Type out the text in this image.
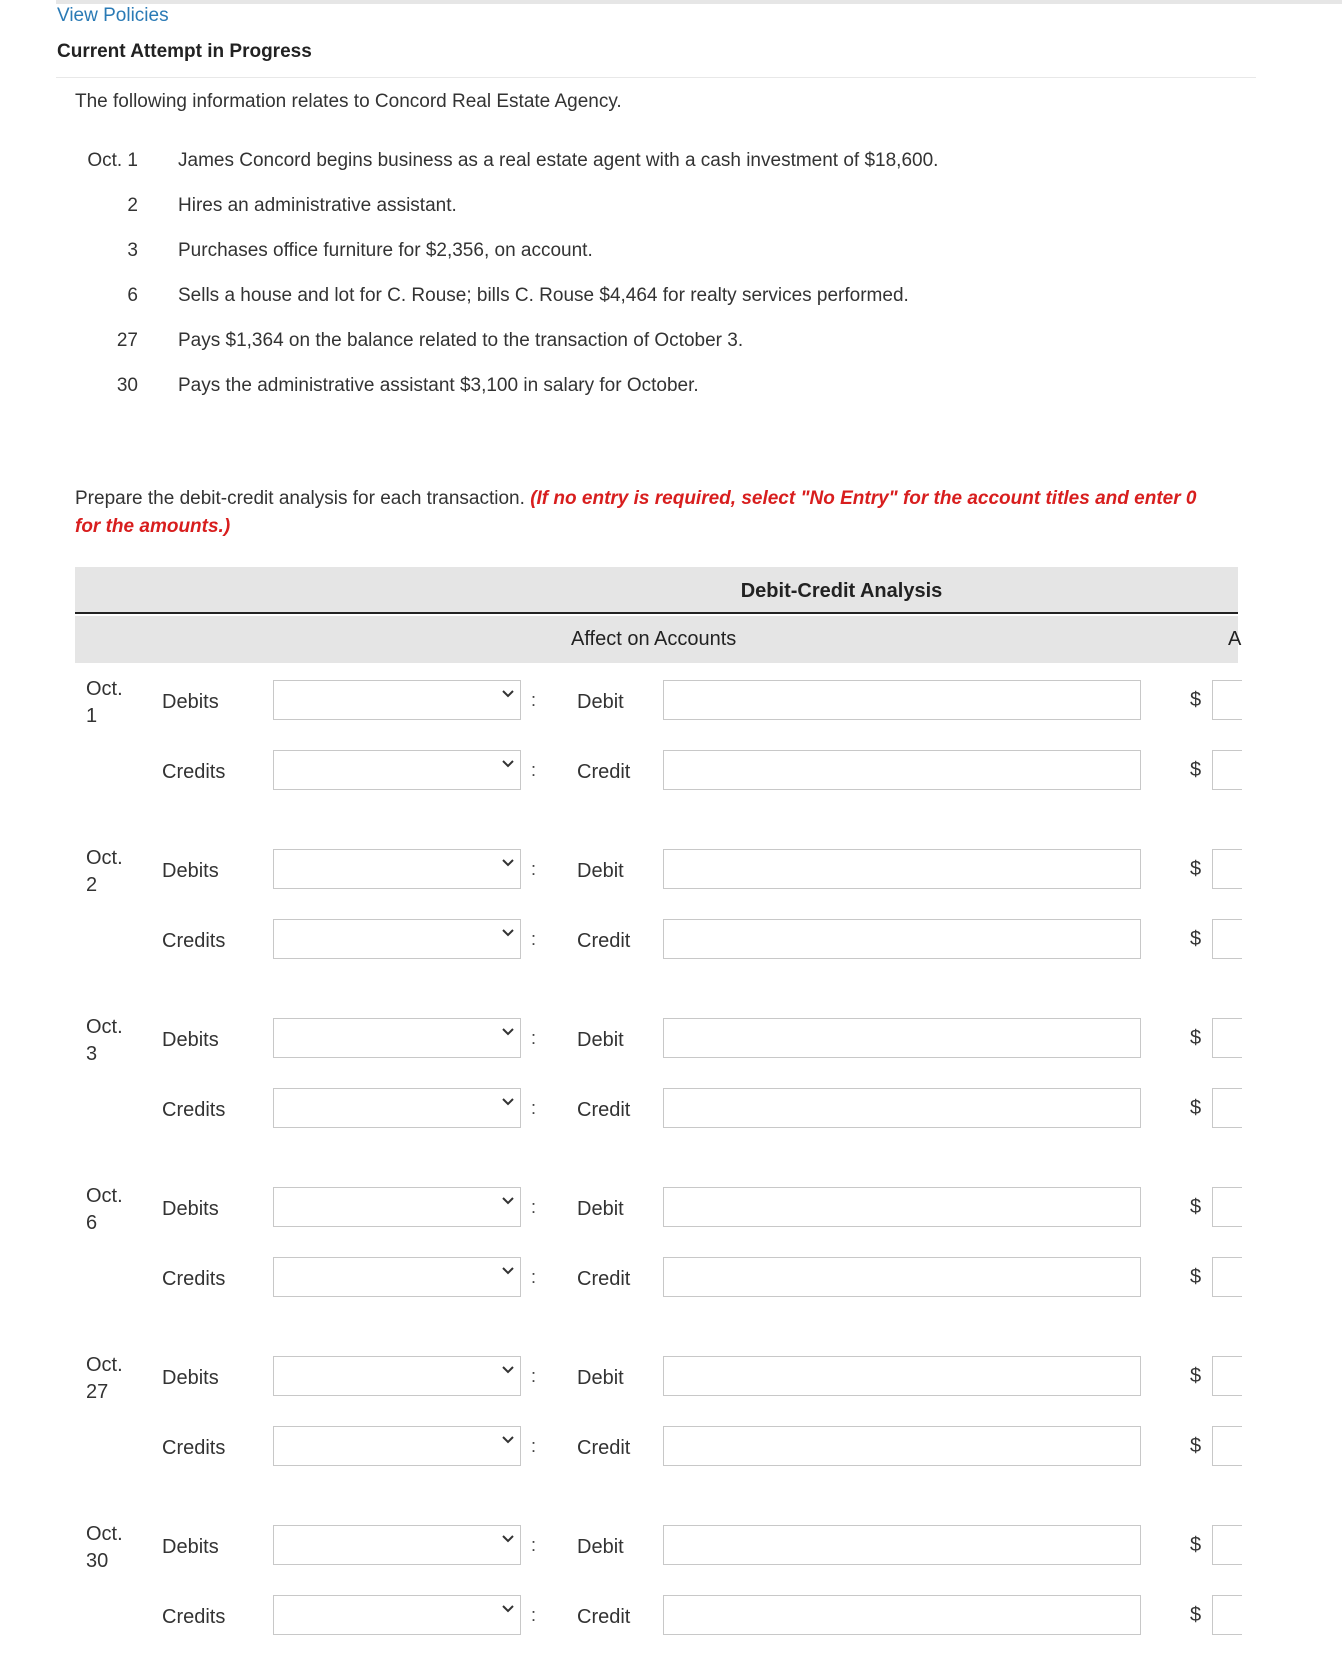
View Policies
Current Attempt in Progress
The following information relates to Concord Real Estate Agency.
Oct. 1 James Concord begins business as a real estate agent with a cash investment of $18,600.
2 Hires an administrative assistant.
3 Purchases office furniture for $2,356, on account.
6 Sells a house and lot for C. Rouse; bills C. Rouse $4,464 for realty services performed.
27 Pays $1,364 on the balance related to the transaction of October 3.
30 Pays the administrative assistant $3,100 in salary for October.
Prepare the debit-credit analysis for each transaction. (If no entry is required, select "No Entry" for the account titles and enter 0 for the amounts.)
Debit-Credit Analysis
Affect on Accounts	A
Oct.
1
Debits	: Debit	$
Credits	: Credit	$
Oct.
2
Debits	: Debit	$
Credits	: Credit	$
Oct.
3
Debits	: Debit	$
Credits	: Credit	$
Oct.
6
Debits	: Debit	$
Credits	: Credit	$
Oct.
27
Debits	: Debit	$
Credits	: Credit	$
Oct.
30
Debits	: Debit	$
Credits	: Credit	$
